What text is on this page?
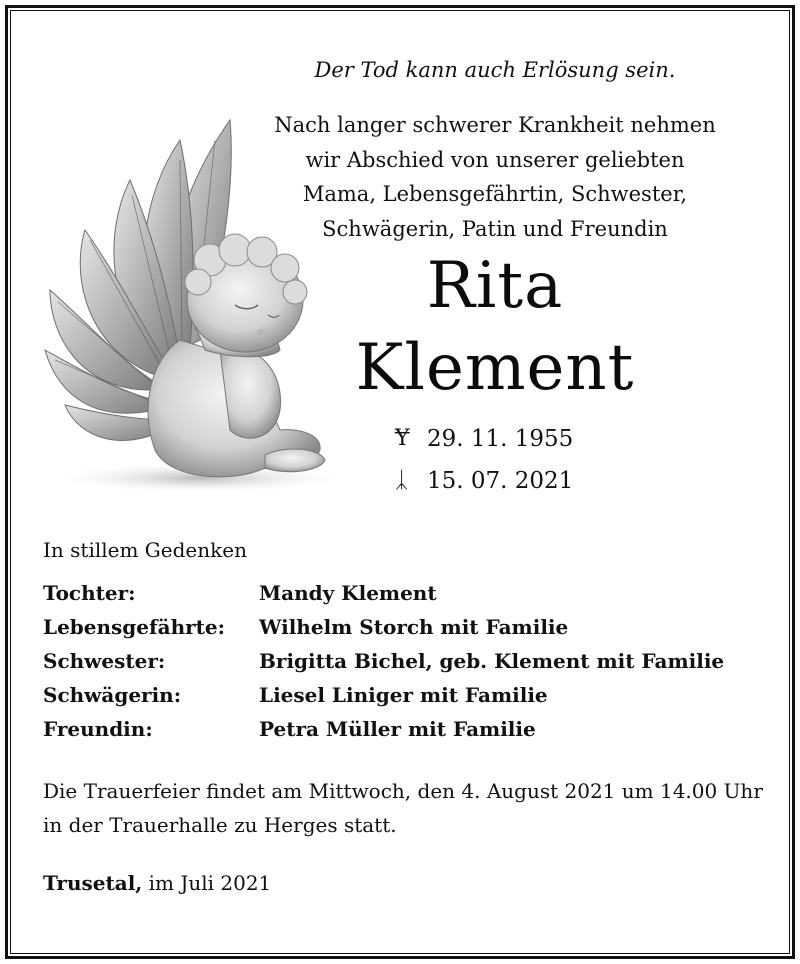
Der Tod kann auch Erlösung sein.
Nach langer schwerer Krankheit nehmen
wir Abschied von unserer geliebten
Mama, Lebensgefährtin, Schwester,
Schwägerin, Patin und Freundin
Rita
Klement
Ɏ 29. 11. 1955
ᛣ 15. 07. 2021
In stillem Gedenken
Tochter:	Mandy Klement
Lebensgefährte:	Wilhelm Storch mit Familie
Schwester:	Brigitta Bichel, geb. Klement mit Familie
Schwägerin:	Liesel Liniger mit Familie
Freundin:	Petra Müller mit Familie
Die Trauerfeier findet am Mittwoch, den 4. August 2021 um 14.00 Uhr in der Trauerhalle zu Herges statt.
Trusetal, im Juli 2021
